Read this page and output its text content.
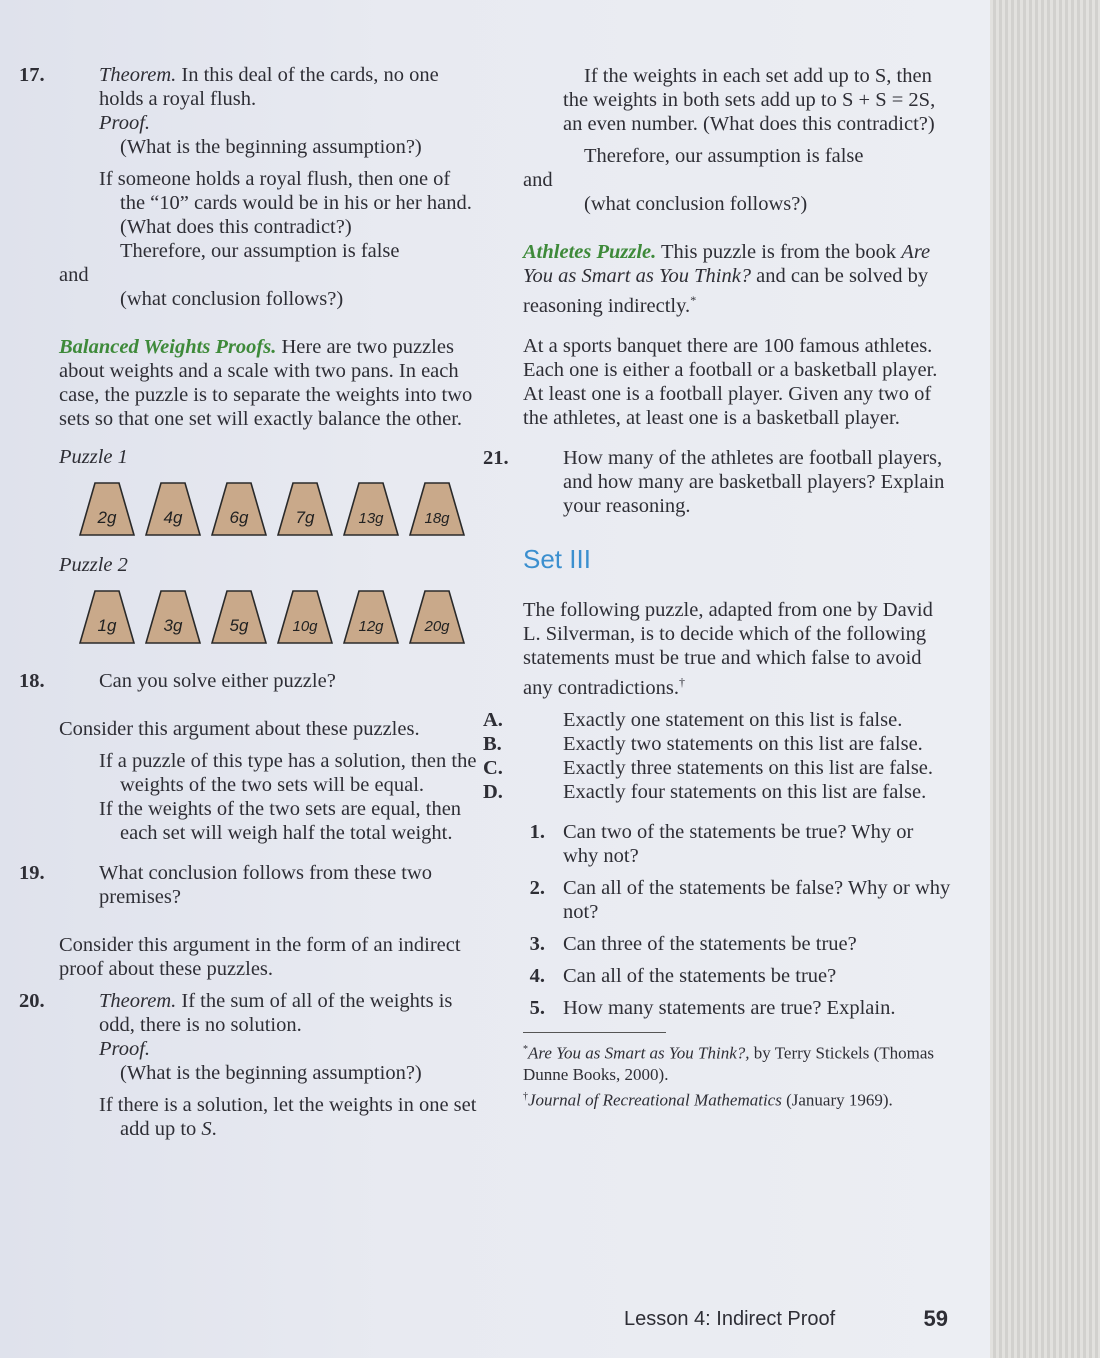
17.	Theorem. In this deal of the cards, no one holds a royal flush.

Proof.

(What is the beginning assumption?)

If someone holds a royal flush, then one of the “10” cards would be in his or her hand. (What does this contradict?)

Therefore, our assumption is false

and

(what conclusion follows?)

Balanced Weights Proofs. Here are two puzzles about weights and a scale with two pans. In each case, the puzzle is to separate the weights into two sets so that one set will exactly balance the other.

Puzzle 1

2g	4g	6g	7g	13g	18g

Puzzle 2

1g	3g	5g	10g	12g	20g

18.	Can you solve either puzzle?

Consider this argument about these puzzles.

If a puzzle of this type has a solution, then the weights of the two sets will be equal.

If the weights of the two sets are equal, then each set will weigh half the total weight.

19.	What conclusion follows from these two premises?

Consider this argument in the form of an indirect proof about these puzzles.

20.	Theorem. If the sum of all of the weights is odd, there is no solution.

Proof.

(What is the beginning assumption?)

If there is a solution, let the weights in one set add up to S.

If the weights in each set add up to S, then the weights in both sets add up to S + S = 2S, an even number. (What does this contradict?)

Therefore, our assumption is false

and

(what conclusion follows?)

Athletes Puzzle. This puzzle is from the book Are You as Smart as You Think? and can be solved by reasoning indirectly.*

At a sports banquet there are 100 famous athletes. Each one is either a football or a basketball player. At least one is a football player. Given any two of the athletes, at least one is a basketball player.

21.	How many of the athletes are football players, and how many are basketball players? Explain your reasoning.

Set III

The following puzzle, adapted from one by David L. Silverman, is to decide which of the following statements must be true and which false to avoid any contradictions.†

A.	Exactly one statement on this list is false.

B.	Exactly two statements on this list are false.

C.	Exactly three statements on this list are false.

D.	Exactly four statements on this list are false.

1. Can two of the statements be true? Why or why not?

2. Can all of the statements be false? Why or why not?

3. Can three of the statements be true?

4. Can all of the statements be true?

5. How many statements are true? Explain.

*Are You as Smart as You Think?, by Terry Stickels (Thomas Dunne Books, 2000).

†Journal of Recreational Mathematics (January 1969).

Lesson 4: Indirect Proof	59
